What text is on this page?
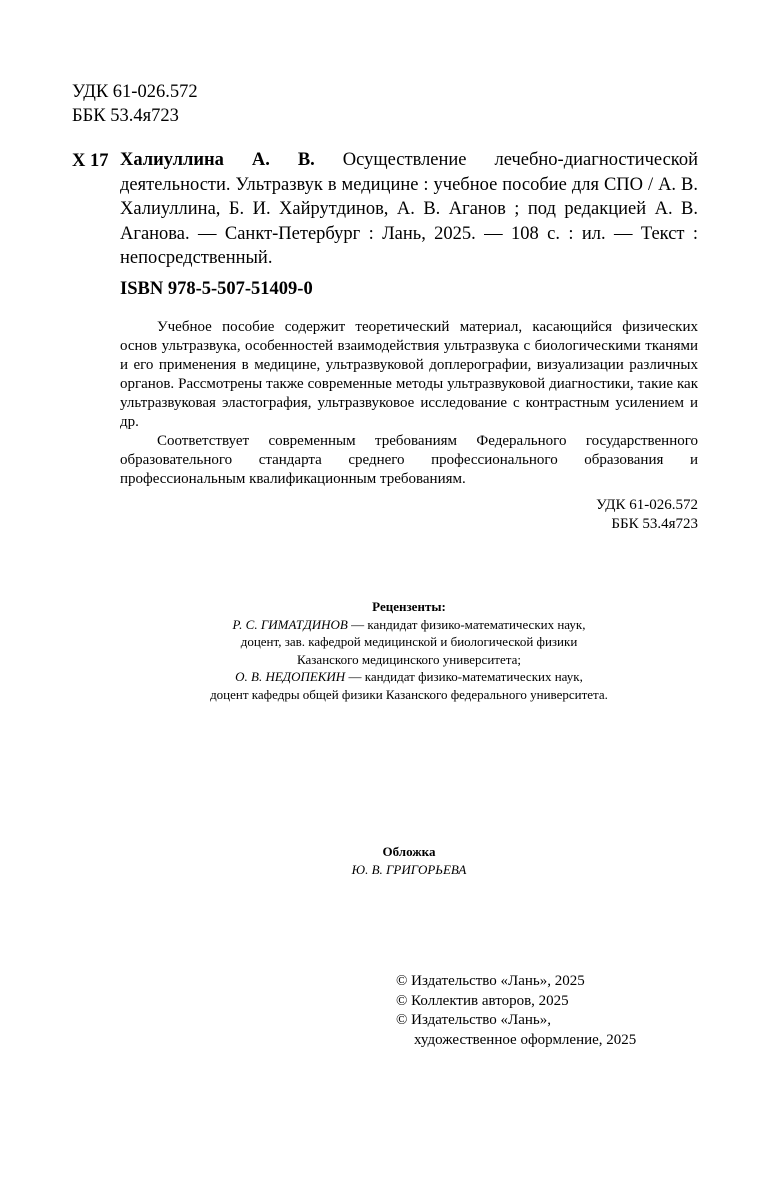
УДК 61-026.572
ББК 53.4я723
Х 17 Халиуллина А. В. Осуществление лечебно-диагностической деятельности. Ультразвук в медицине : учебное пособие для СПО / А. В. Халиуллина, Б. И. Хайрутдинов, А. В. Аганов ; под редакцией А. В. Аганова. — Санкт-Петербург : Лань, 2025. — 108 с. : ил. — Текст : непосредственный.
ISBN 978-5-507-51409-0

Учебное пособие содержит теоретический материал, касающийся физических основ ультразвука, особенностей взаимодействия ультразвука с биологическими тканями и его применения в медицине, ультразвуковой доплерографии, визуализации различных органов. Рассмотрены также современные методы ультразвуковой диагностики, такие как ультразвуковая эластография, ультразвуковое исследование с контрастным усилением и др.

Соответствует современным требованиям Федерального государственного образовательного стандарта среднего профессионального образования и профессиональным квалификационным требованиям.

УДК 61-026.572
ББК 53.4я723
Рецензенты:
Р. С. ГИМАТДИНОВ — кандидат физико-математических наук,
доцент, зав. кафедрой медицинской и биологической физики
Казанского медицинского университета;
О. В. НЕДОПЕКИН — кандидат физико-математических наук,
доцент кафедры общей физики Казанского федерального университета.
Обложка
Ю. В. ГРИГОРЬЕВА
© Издательство «Лань», 2025
© Коллектив авторов, 2025
© Издательство «Лань»,
художественное оформление, 2025
